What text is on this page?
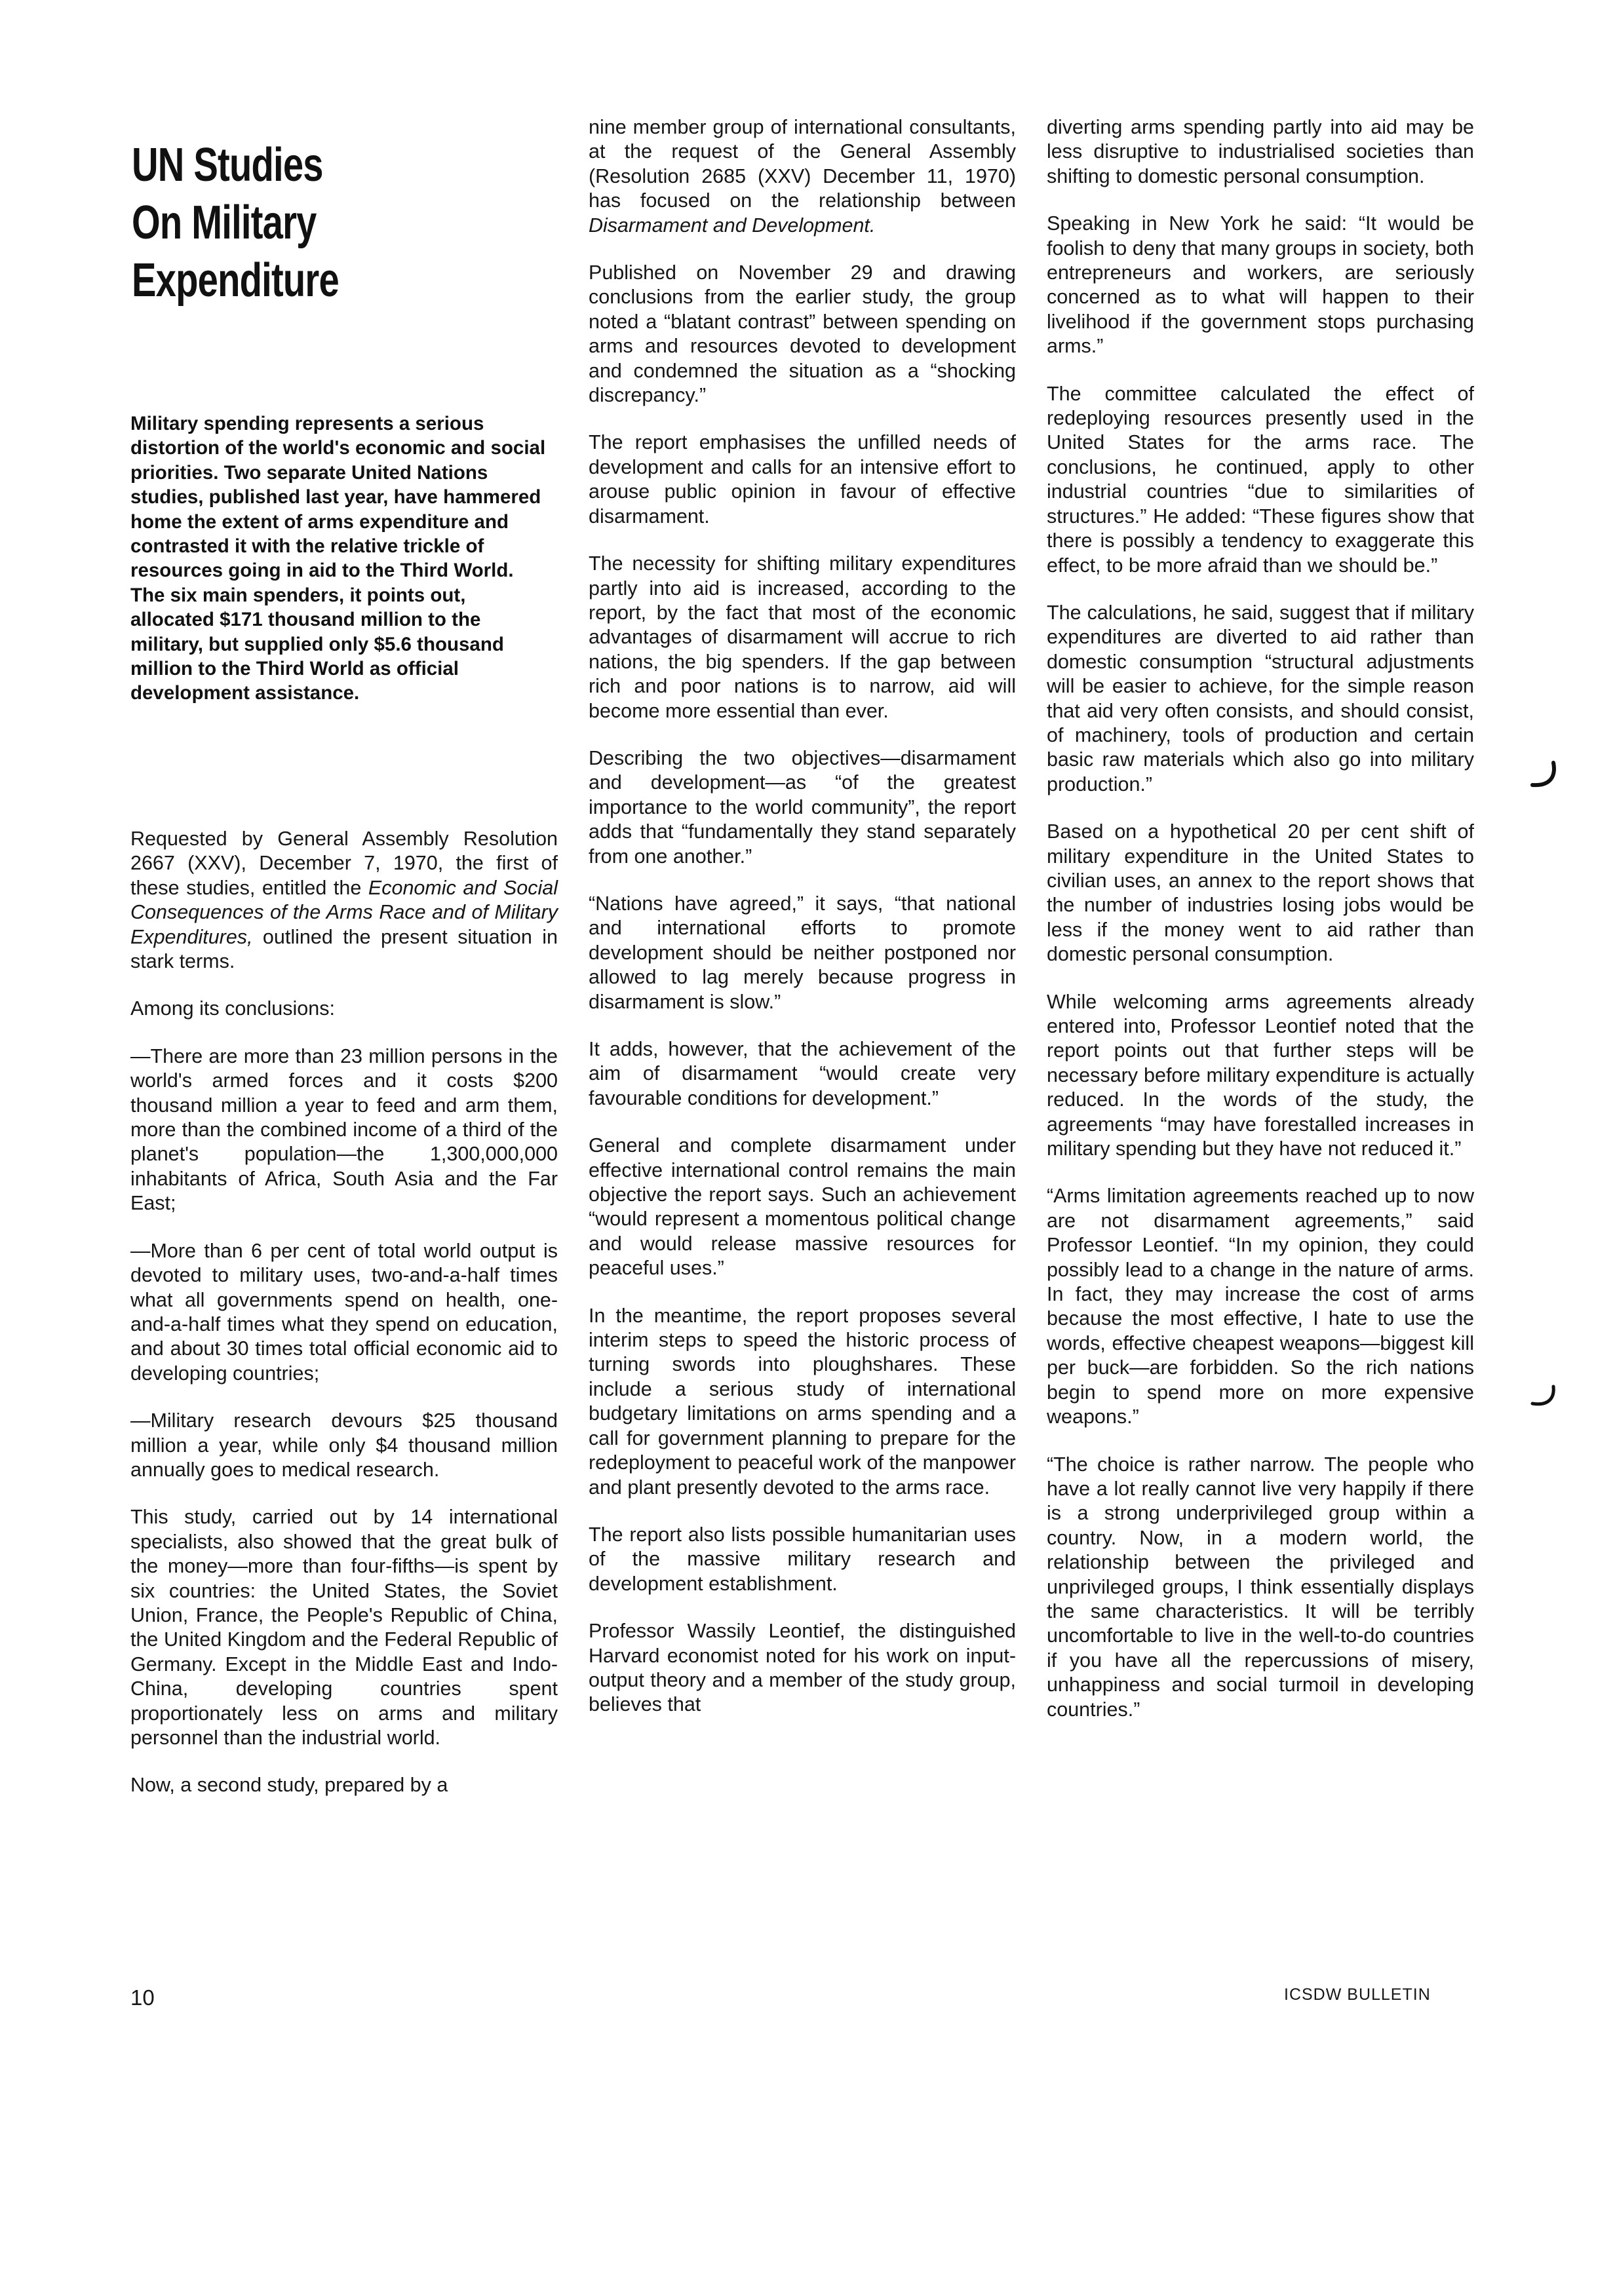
UN Studies
On Military
Expenditure
Military spending represents a serious distortion of the world's economic and social priorities. Two separate United Nations studies, published last year, have hammered home the extent of arms expenditure and contrasted it with the relative trickle of resources going in aid to the Third World. The six main spenders, it points out, allocated $171 thousand million to the military, but supplied only $5.6 thousand million to the Third World as official development assistance.

Requested by General Assembly Resolution 2667 (XXV), December 7, 1970, the first of these studies, entitled the Economic and Social Consequences of the Arms Race and of Military Expenditures, outlined the present situation in stark terms.

Among its conclusions:

—There are more than 23 million persons in the world's armed forces and it costs $200 thousand million a year to feed and arm them, more than the combined income of a third of the planet's population—the 1,300,000,000 inhabitants of Africa, South Asia and the Far East;

—More than 6 per cent of total world output is devoted to military uses, two-and-a-half times what all governments spend on health, one-and-a-half times what they spend on education, and about 30 times total official economic aid to developing countries;

—Military research devours $25 thousand million a year, while only $4 thousand million annually goes to medical research.

This study, carried out by 14 international specialists, also showed that the great bulk of the money—more than four-fifths—is spent by six countries: the United States, the Soviet Union, France, the People's Republic of China, the United Kingdom and the Federal Republic of Germany. Except in the Middle East and Indo-China, developing countries spent proportionately less on arms and military personnel than the industrial world.

Now, a second study, prepared by a

nine member group of international consultants, at the request of the General Assembly (Resolution 2685 (XXV) December 11, 1970) has focused on the relationship between Disarmament and Development.

Published on November 29 and drawing conclusions from the earlier study, the group noted a “blatant contrast” between spending on arms and resources devoted to development and condemned the situation as a “shocking discrepancy.”

The report emphasises the unfilled needs of development and calls for an intensive effort to arouse public opinion in favour of effective disarmament.

The necessity for shifting military expenditures partly into aid is increased, according to the report, by the fact that most of the economic advantages of disarmament will accrue to rich nations, the big spenders. If the gap between rich and poor nations is to narrow, aid will become more essential than ever.

Describing the two objectives—disarmament and development—as “of the greatest importance to the world community”, the report adds that “fundamentally they stand separately from one another.”

“Nations have agreed,” it says, “that national and international efforts to promote development should be neither postponed nor allowed to lag merely because progress in disarmament is slow.”

It adds, however, that the achievement of the aim of disarmament “would create very favourable conditions for development.”

General and complete disarmament under effective international control remains the main objective the report says. Such an achievement “would represent a momentous political change and would release massive resources for peaceful uses.”

In the meantime, the report proposes several interim steps to speed the historic process of turning swords into ploughshares. These include a serious study of international budgetary limitations on arms spending and a call for government planning to prepare for the redeployment to peaceful work of the manpower and plant presently devoted to the arms race.

The report also lists possible humanitarian uses of the massive military research and development establishment.

Professor Wassily Leontief, the distinguished Harvard economist noted for his work on input-output theory and a member of the study group, believes that

diverting arms spending partly into aid may be less disruptive to industrialised societies than shifting to domestic personal consumption.

Speaking in New York he said: “It would be foolish to deny that many groups in society, both entrepreneurs and workers, are seriously concerned as to what will happen to their livelihood if the government stops purchasing arms.”

The committee calculated the effect of redeploying resources presently used in the United States for the arms race. The conclusions, he continued, apply to other industrial countries “due to similarities of structures.” He added: “These figures show that there is possibly a tendency to exaggerate this effect, to be more afraid than we should be.”

The calculations, he said, suggest that if military expenditures are diverted to aid rather than domestic consumption “structural adjustments will be easier to achieve, for the simple reason that aid very often consists, and should consist, of machinery, tools of production and certain basic raw materials which also go into military production.”

Based on a hypothetical 20 per cent shift of military expenditure in the United States to civilian uses, an annex to the report shows that the number of industries losing jobs would be less if the money went to aid rather than domestic personal consumption.

While welcoming arms agreements already entered into, Professor Leontief noted that the report points out that further steps will be necessary before military expenditure is actually reduced. In the words of the study, the agreements “may have forestalled increases in military spending but they have not reduced it.”

“Arms limitation agreements reached up to now are not disarmament agreements,” said Professor Leontief. “In my opinion, they could possibly lead to a change in the nature of arms. In fact, they may increase the cost of arms because the most effective, I hate to use the words, effective cheapest weapons—biggest kill per buck—are forbidden. So the rich nations begin to spend more on more expensive weapons.”

“The choice is rather narrow. The people who have a lot really cannot live very happily if there is a strong underprivileged group within a country. Now, in a modern world, the relationship between the privileged and unprivileged groups, I think essentially displays the same characteristics. It will be terribly uncomfortable to live in the well-to-do countries if you have all the repercussions of misery, unhappiness and social turmoil in developing countries.”

10	ICSDW BULLETIN
